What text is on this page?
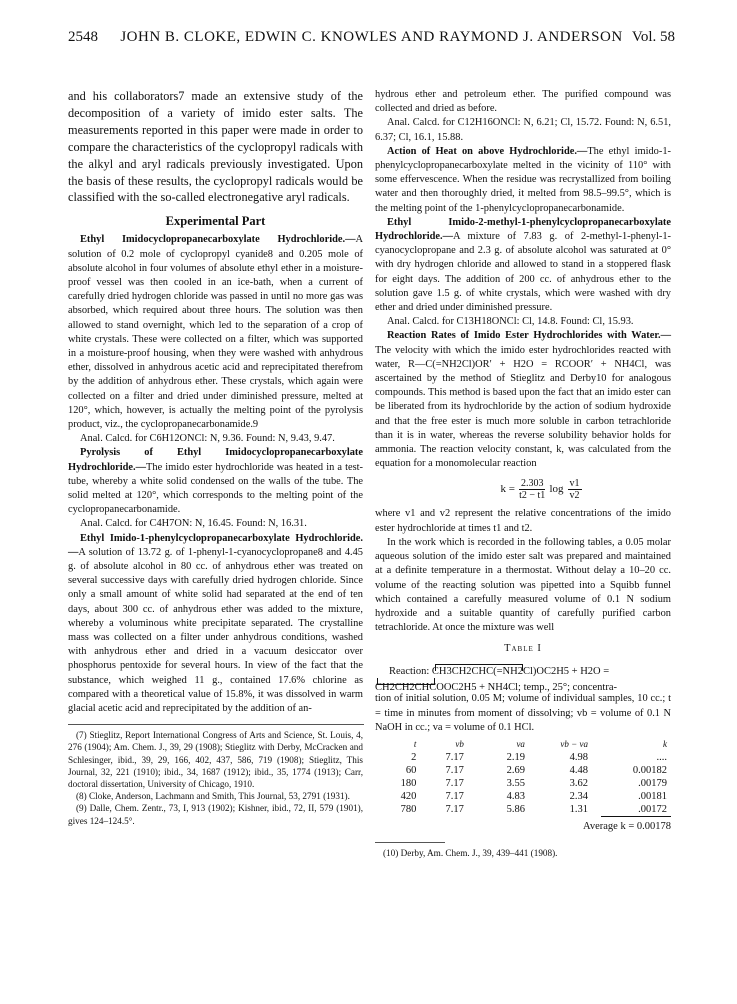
2548	JOHN B. CLOKE, EDWIN C. KNOWLES AND RAYMOND J. ANDERSON Vol. 58

and his collaborators7 made an extensive study of the decomposition of a variety of imido ester salts. The measurements reported in this paper were made in order to compare the characteristics of the cyclopropyl radicals with the alkyl and aryl radicals previously investigated. Upon the basis of these results, the cyclopropyl radicals would be classified with the so-called electronegative aryl radicals.

Experimental Part

Ethyl Imidocyclopropanecarboxylate Hydrochloride.—A solution of 0.2 mole of cyclopropyl cyanide8 and 0.205 mole of absolute alcohol in four volumes of absolute ethyl ether in a moisture-proof vessel was then cooled in an ice-bath, when a current of carefully dried hydrogen chloride was passed in until no more gas was absorbed, which required about three hours. The solution was then allowed to stand overnight, which led to the separation of a crop of white crystals. These were collected on a filter, which was supported in a moisture-proof housing, when they were washed with anhydrous ether, dissolved in anhydrous acetic acid and reprecipitated therefrom by the addition of anhydrous ether. These crystals, which again were collected on a filter and dried under diminished pressure, melted at 120°, which, however, is actually the melting point of the pyrolysis product, viz., the cyclopropanecarbonamide.9

Anal. Calcd. for C6H12ONCl: N, 9.36. Found: N, 9.43, 9.47.

Pyrolysis of Ethyl Imidocyclopropanecarboxylate Hydrochloride.—The imido ester hydrochloride was heated in a test-tube, whereby a white solid condensed on the walls of the tube. The solid melted at 120°, which corresponds to the melting point of the cyclopropanecarbonamide.

Anal. Calcd. for C4H7ON: N, 16.45. Found: N, 16.31.

Ethyl Imido-1-phenylcyclopropanecarboxylate Hydrochloride.—A solution of 13.72 g. of 1-phenyl-1-cyanocyclopropane8 and 4.45 g. of absolute alcohol in 80 cc. of anhydrous ether was treated on several successive days with carefully dried hydrogen chloride. Since only a small amount of white solid had separated at the end of ten days, about 300 cc. of anhydrous ether was added to the mixture, whereby a voluminous white precipitate separated. The crystalline mass was collected on a filter under anhydrous conditions, washed with anhydrous ether and dried in a vacuum desiccator over phosphorus pentoxide for several hours. In view of the fact that the substance, which weighed 11 g., contained 17.6% chlorine as compared with a theoretical value of 15.8%, it was dissolved in warm glacial acetic acid and reprecipitated by the addition of an-

(7) Stieglitz, Report International Congress of Arts and Science, St. Louis, 4, 276 (1904); Am. Chem. J., 39, 29 (1908); Stieglitz with Derby, McCracken and Schlesinger, ibid., 39, 29, 166, 402, 437, 586, 719 (1908); Stieglitz, This Journal, 32, 221 (1910); ibid., 34, 1687 (1912); ibid., 35, 1774 (1913); Carr, doctoral dissertation, University of Chicago, 1910.

(8) Cloke, Anderson, Lachmann and Smith, This Journal, 53, 2791 (1931).

(9) Dalle, Chem. Zentr., 73, I, 913 (1902); Kishner, ibid., 72, II, 579 (1901), gives 124–124.5°.

hydrous ether and petroleum ether. The purified compound was collected and dried as before.

Anal. Calcd. for C12H16ONCl: N, 6.21; Cl, 15.72. Found: N, 6.51, 6.37; Cl, 16.1, 15.88.

Action of Heat on above Hydrochloride.—The ethyl imido-1-phenylcyclopropanecarboxylate melted in the vicinity of 110° with some effervescence. When the residue was recrystallized from boiling water and then thoroughly dried, it melted from 98.5–99.5°, which is the melting point of the 1-phenylcyclopropanecarbonamide.

Ethyl Imido-2-methyl-1-phenylcyclopropanecarboxylate Hydrochloride.—A mixture of 7.83 g. of 2-methyl-1-phenyl-1-cyanocyclopropane and 2.3 g. of absolute alcohol was saturated at 0° with dry hydrogen chloride and allowed to stand in a stoppered flask for eight days. The addition of 200 cc. of anhydrous ether to the solution gave 1.5 g. of white crystals, which were washed with dry ether and dried under diminished pressure.

Anal. Calcd. for C13H18ONCl: Cl, 14.8. Found: Cl, 15.93.

Reaction Rates of Imido Ester Hydrochlorides with Water.—The velocity with which the imido ester hydrochlorides reacted with water, R—C(=NH2Cl)OR′ + H2O = RCOOR′ + NH4Cl, was ascertained by the method of Stieglitz and Derby10 for analogous compounds. This method is based upon the fact that an imido ester can be liberated from its hydrochloride by the action of sodium hydroxide and that the free ester is much more soluble in carbon tetrachloride than it is in water, whereas the reverse solubility behavior holds for ammonia. The reaction velocity constant, k, was calculated from the equation for a monomolecular reaction

$k = \frac{2.303}{t2 - t1}$ $\log \frac{v1}{v2}$

where v1 and v2 represent the relative concentrations of the imido ester hydrochloride at times t1 and t2.

In the work which is recorded in the following tables, a 0.05 molar aqueous solution of the imido ester salt was prepared and maintained at a definite temperature in a thermostat. Without delay a 10–20 cc. volume of the reacting solution was pipetted into a Squibb funnel which contained a carefully measured volume of 0.1 N sodium hydroxide and a suitable quantity of carefully purified carbon tetrachloride. At once the mixture was well

Table I
Reaction: CH3CH2CHC(=NH2Cl)OC2H5 + H2O =
CH2CH2CHCOOC2H5 + NH4Cl; temp., 25°; concentra-

tion of initial solution, 0.05 M; volume of individual samples, 10 cc.; t = time in minutes from moment of dissolving; vb = volume of 0.1 N NaOH in cc.; va = volume of 0.1 HCl.

t	vb	va	vb − va	k
2	7.17	2.19	4.98	....
60	7.17	2.69	4.48	0.00182
180	7.17	3.55	3.62	.00179
420	7.17	4.83	2.34	.00181
780	7.17	5.86	1.31	.00172

Average k = 0.00178

(10) Derby, Am. Chem. J., 39, 439–441 (1908).
